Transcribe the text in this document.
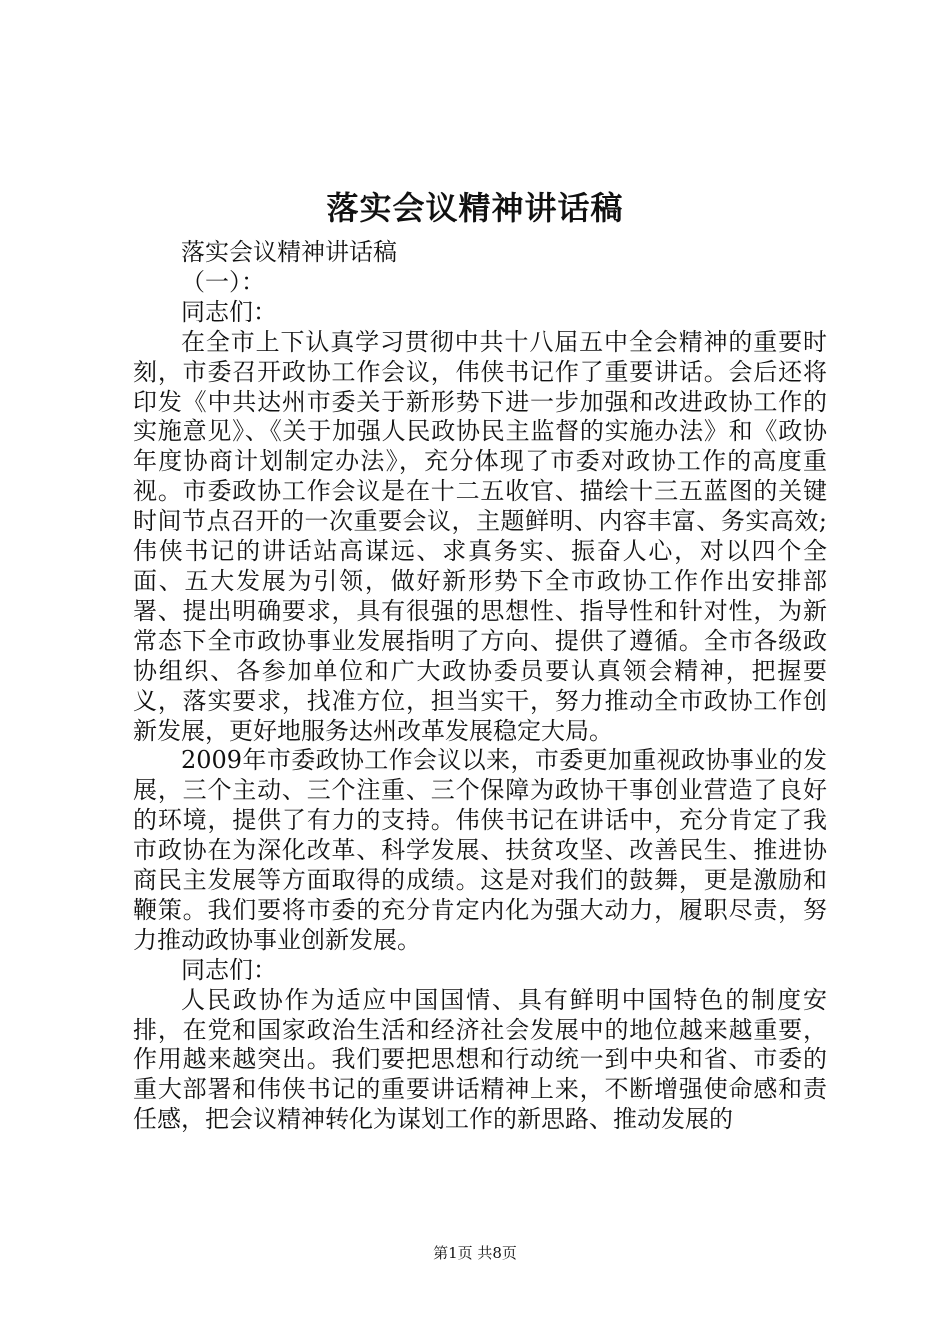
落实会议精神讲话稿

落实会议精神讲话稿

（一）：

同志们：

在全市上下认真学习贯彻中共十八届五中全会精神的重要时刻，市委召开政协工作会议，伟侠书记作了重要讲话。会后还将印发《中共达州市委关于新形势下进一步加强和改进政协工作的实施意见》、《关于加强人民政协民主监督的实施办法》和《政协年度协商计划制定办法》，充分体现了市委对政协工作的高度重视。市委政协工作会议是在十二五收官、描绘十三五蓝图的关键时间节点召开的一次重要会议，主题鲜明、内容丰富、务实高效;伟侠书记的讲话站高谋远、求真务实、振奋人心，对以四个全面、五大发展为引领，做好新形势下全市政协工作作出安排部署、提出明确要求，具有很强的思想性、指导性和针对性，为新常态下全市政协事业发展指明了方向、提供了遵循。全市各级政协组织、各参加单位和广大政协委员要认真领会精神，把握要义，落实要求，找准方位，担当实干，努力推动全市政协工作创新发展，更好地服务达州改革发展稳定大局。

2009年市委政协工作会议以来，市委更加重视政协事业的发展，三个主动、三个注重、三个保障为政协干事创业营造了良好的环境，提供了有力的支持。伟侠书记在讲话中，充分肯定了我市政协在为深化改革、科学发展、扶贫攻坚、改善民生、推进协商民主发展等方面取得的成绩。这是对我们的鼓舞，更是激励和鞭策。我们要将市委的充分肯定内化为强大动力，履职尽责，努力推动政协事业创新发展。

同志们：

人民政协作为适应中国国情、具有鲜明中国特色的制度安排，在党和国家政治生活和经济社会发展中的地位越来越重要，作用越来越突出。我们要把思想和行动统一到中央和省、市委的重大部署和伟侠书记的重要讲话精神上来，不断增强使命感和责任感，把会议精神转化为谋划工作的新思路、推动发展的

第1页 共8页
